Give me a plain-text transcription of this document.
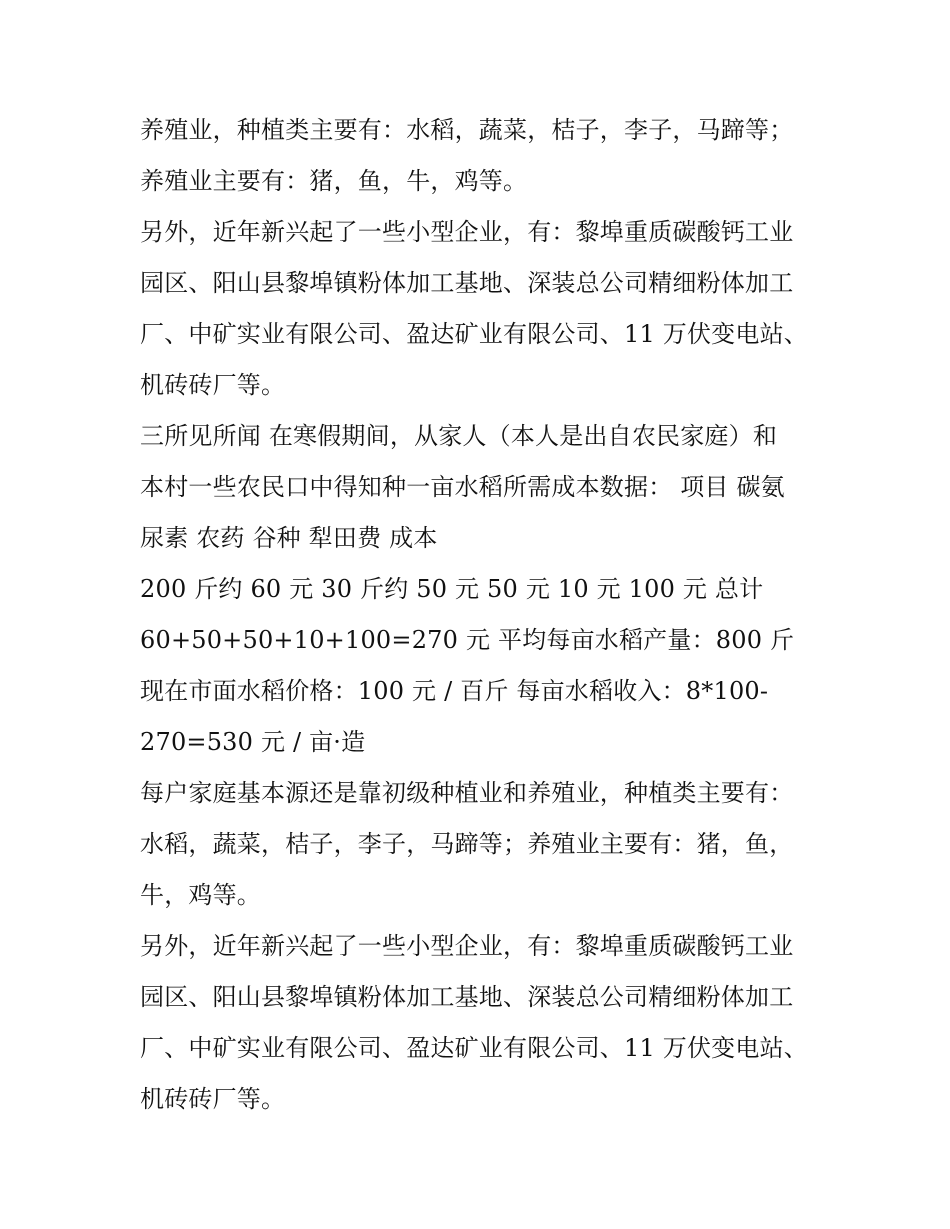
养殖业，种植类主要有：水稻，蔬菜，桔子，李子，马蹄等；
养殖业主要有：猪，鱼，牛，鸡等。
另外，近年新兴起了一些小型企业，有：黎埠重质碳酸钙工业
园区、阳山县黎埠镇粉体加工基地、深装总公司精细粉体加工
厂、中矿实业有限公司、盈达矿业有限公司、11 万伏变电站、
机砖砖厂等。
三所见所闻 在寒假期间，从家人（本人是出自农民家庭）和
本村一些农民口中得知种一亩水稻所需成本数据： 项目 碳氨
尿素 农药 谷种 犁田费 成本
200 斤约 60 元 30 斤约 50 元 50 元 10 元 100 元 总计
60+50+50+10+100=270 元 平均每亩水稻产量：800 斤
现在市面水稻价格：100 元 / 百斤 每亩水稻收入：8*100-
270=530 元 / 亩·造
每户家庭基本源还是靠初级种植业和养殖业，种植类主要有：
水稻，蔬菜，桔子，李子，马蹄等；养殖业主要有：猪，鱼，
牛，鸡等。
另外，近年新兴起了一些小型企业，有：黎埠重质碳酸钙工业
园区、阳山县黎埠镇粉体加工基地、深装总公司精细粉体加工
厂、中矿实业有限公司、盈达矿业有限公司、11 万伏变电站、
机砖砖厂等。
